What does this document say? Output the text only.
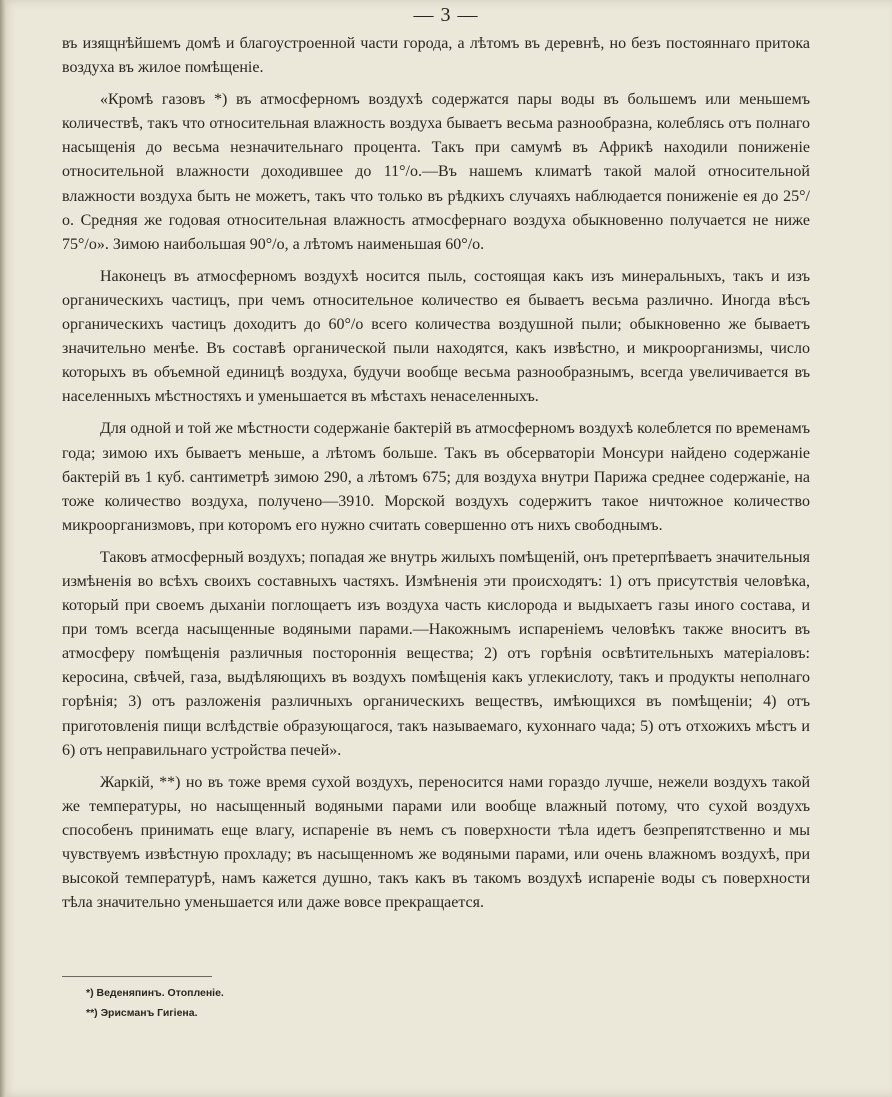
— 3 —

въ изящнѣйшемъ домѣ и благоустроенной части города, а лѣтомъ въ деревнѣ, но безъ постояннаго притока воздуха въ жилое помѣщеніе.

«Кромѣ газовъ *) въ атмосферномъ воздухѣ содержатся пары воды въ большемъ или меньшемъ количествѣ, такъ что относительная влажность воздуха бываетъ весьма разнообразна, колеблясь отъ полнаго насыщенія до весьма незначительнаго процента. Такъ при самумѣ въ Африкѣ находили пониженіе относительной влажности доходившее до 11°/о.—Въ нашемъ климатѣ такой малой относительной влажности воздуха быть не можетъ, такъ что только въ рѣдкихъ случаяхъ наблюдается пониженіе ея до 25°/о. Средняя же годовая относительная влажность атмосфернаго воздуха обыкновенно получается не ниже 75°/о». Зимою наибольшая 90°/о, а лѣтомъ наименьшая 60°/о.

Наконецъ въ атмосферномъ воздухѣ носится пыль, состоящая какъ изъ минеральныхъ, такъ и изъ органическихъ частицъ, при чемъ относительное количество ея бываетъ весьма различно. Иногда вѣсъ органическихъ частицъ доходитъ до 60°/о всего количества воздушной пыли; обыкновенно же бываетъ значительно менѣе. Въ составѣ органической пыли находятся, какъ извѣстно, и микроорганизмы, число которыхъ въ объемной единицѣ воздуха, будучи вообще весьма разнообразнымъ, всегда увеличивается въ населенныхъ мѣстностяхъ и уменьшается въ мѣстахъ ненаселенныхъ.

Для одной и той же мѣстности содержаніе бактерій въ атмосферномъ воздухѣ колеблется по временамъ года; зимою ихъ бываетъ меньше, а лѣтомъ больше. Такъ въ обсерваторіи Монсури найдено содержаніе бактерій въ 1 куб. сантиметрѣ зимою 290, а лѣтомъ 675; для воздуха внутри Парижа среднее содержаніе, на тоже количество воздуха, получено—3910. Морской воздухъ содержитъ такое ничтожное количество микроорганизмовъ, при которомъ его нужно считать совершенно отъ нихъ свободнымъ.

Таковъ атмосферный воздухъ; попадая же внутрь жилыхъ помѣщеній, онъ претерпѣваетъ значительныя измѣненія во всѣхъ своихъ составныхъ частяхъ. Измѣненія эти происходятъ: 1) отъ присутствія человѣка, который при своемъ дыханіи поглощаетъ изъ воздуха часть кислорода и выдыхаетъ газы иного состава, и при томъ всегда насыщенные водяными парами.—Накожнымъ испареніемъ человѣкъ также вноситъ въ атмосферу помѣщенія различныя постороннія вещества; 2) отъ горѣнія освѣтительныхъ матеріаловъ: керосина, свѣчей, газа, выдѣляющихъ въ воздухъ помѣщенія какъ углекислоту, такъ и продукты неполнаго горѣнія; 3) отъ разложенія различныхъ органическихъ веществъ, имѣющихся въ помѣщеніи; 4) отъ приготовленія пищи вслѣдствіе образующагося, такъ называемаго, кухоннаго чада; 5) отъ отхожихъ мѣстъ и 6) отъ неправильнаго устройства печей».

Жаркій, **) но въ тоже время сухой воздухъ, переносится нами гораздо лучше, нежели воздухъ такой же температуры, но насыщенный водяными парами или вообще влажный потому, что сухой воздухъ способенъ принимать еще влагу, испареніе въ немъ съ поверхности тѣла идетъ безпрепятственно и мы чувствуемъ извѣстную прохладу; въ насыщенномъ же водяными парами, или очень влажномъ воздухѣ, при высокой температурѣ, намъ кажется душно, такъ какъ въ такомъ воздухѣ испареніе воды съ поверхности тѣла значительно уменьшается или даже вовсе прекращается.

*) Веденяпинъ. Отопленіе.
**) Эрисманъ Гигіена.
